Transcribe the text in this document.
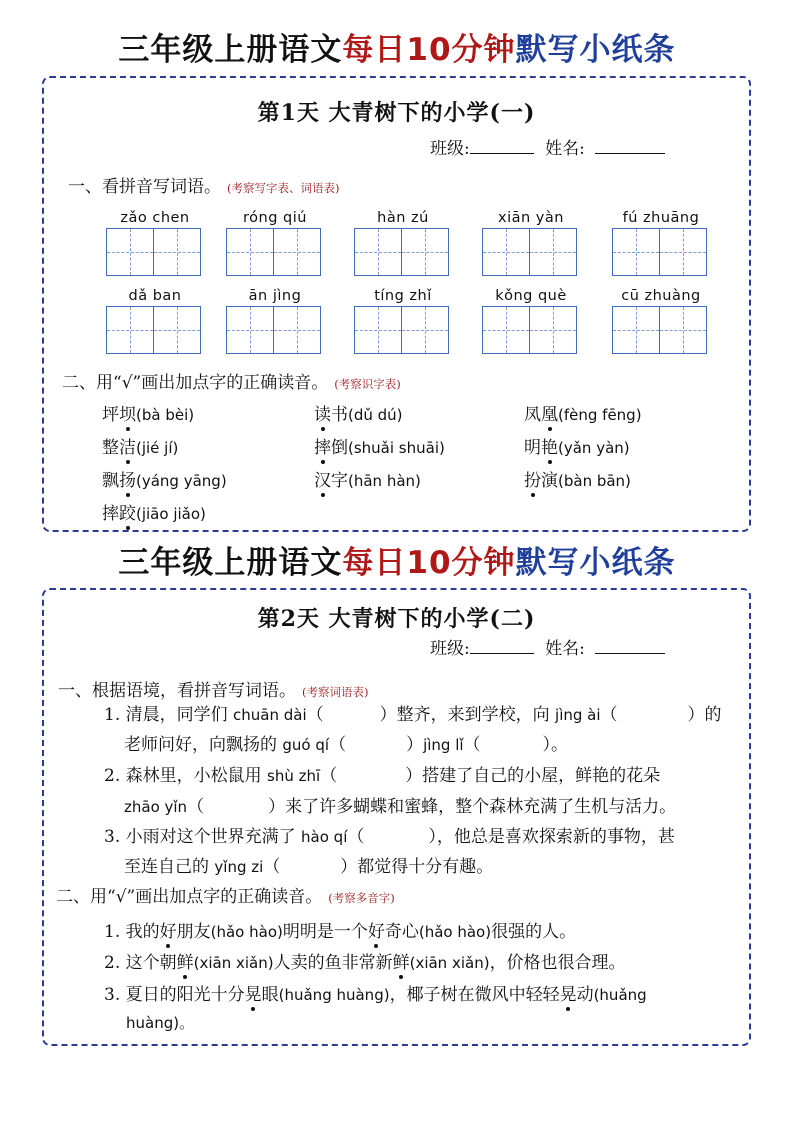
三年级上册语文每日10分钟默写小纸条
第1天 大青树下的小学(一)
班级:	姓名:
一、看拼音写词语。 (考察写字表、词语表)
zǎo chen	róng qiú	hàn zú	xiān yàn	fú zhuāng
dǎ ban	ān jìng	tíng zhǐ	kǒng què	cū zhuàng
二、用“√”画出加点字的正确读音。 (考察识字表)
坪坝(bà bèi)	读书(dǔ dú)	凤凰(fèng fēng)
整洁(jié jí)	摔倒(shuǎi shuāi)	明艳(yǎn yàn)
飘扬(yáng yāng)	汉字(hān hàn)	扮演(bàn bān)
摔跤(jiāo jiǎo)
三年级上册语文每日10分钟默写小纸条
第2天 大青树下的小学(二)
班级:	姓名:
一、根据语境，看拼音写词语。 (考察词语表)
1. 清晨，同学们 chuān dài（	）整齐，来到学校，向 jìng ài（	）的
老师问好，向飘扬的 guó qí（	）jìng lǐ（	）。
2. 森林里，小松鼠用 shù zhī（	）搭建了自己的小屋，鲜艳的花朵
zhāo yǐn（	）来了许多蝴蝶和蜜蜂，整个森林充满了生机与活力。
3. 小雨对这个世界充满了 hào qí（	），他总是喜欢探索新的事物，甚
至连自己的 yǐng zi（	）都觉得十分有趣。
二、用“√”画出加点字的正确读音。 (考察多音字)
1. 我的好朋友(hǎo hào)明明是一个好奇心(hǎo hào)很强的人。
2. 这个朝鲜(xiān xiǎn)人卖的鱼非常新鲜(xiān xiǎn)，价格也很合理。
3. 夏日的阳光十分晃眼(huǎng huàng)，椰子树在微风中轻轻晃动(huǎng
huàng)。
